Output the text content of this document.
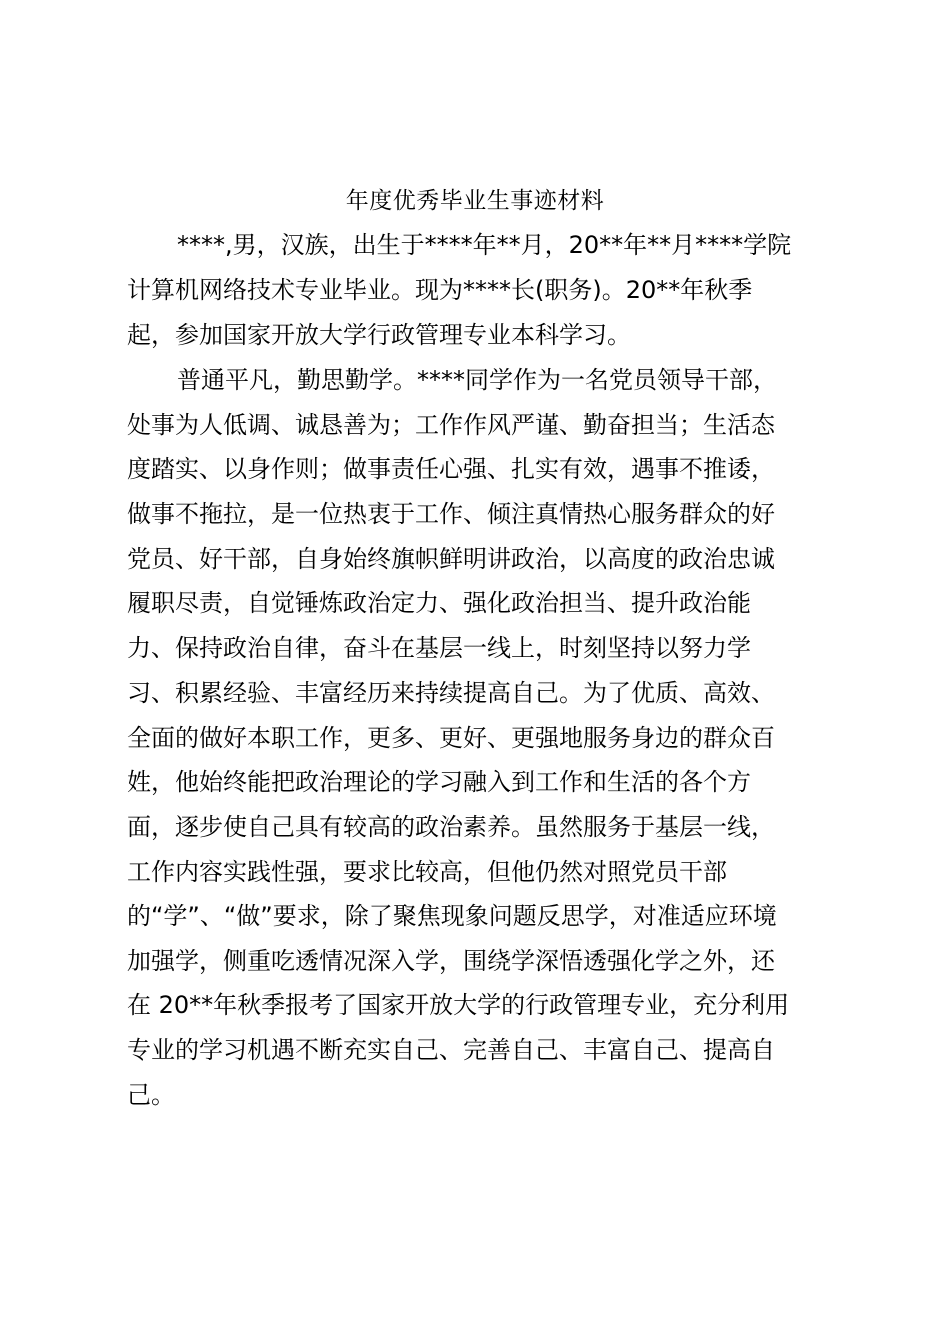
年度优秀毕业生事迹材料
****,男，汉族，出生于****年**月，20**年**月****学院
计算机网络技术专业毕业。现为****长(职务)。20**年秋季
起，参加国家开放大学行政管理专业本科学习。
普通平凡，勤思勤学。****同学作为一名党员领导干部，
处事为人低调、诚恳善为；工作作风严谨、勤奋担当；生活态
度踏实、以身作则；做事责任心强、扎实有效，遇事不推诿，
做事不拖拉，是一位热衷于工作、倾注真情热心服务群众的好
党员、好干部，自身始终旗帜鲜明讲政治，以高度的政治忠诚
履职尽责，自觉锤炼政治定力、强化政治担当、提升政治能
力、保持政治自律，奋斗在基层一线上，时刻坚持以努力学
习、积累经验、丰富经历来持续提高自己。为了优质、高效、
全面的做好本职工作，更多、更好、更强地服务身边的群众百
姓，他始终能把政治理论的学习融入到工作和生活的各个方
面，逐步使自己具有较高的政治素养。虽然服务于基层一线，
工作内容实践性强，要求比较高，但他仍然对照党员干部
的“学”、“做”要求，除了聚焦现象问题反思学，对准适应环境
加强学，侧重吃透情况深入学，围绕学深悟透强化学之外，还
在 20**年秋季报考了国家开放大学的行政管理专业，充分利用
专业的学习机遇不断充实自己、完善自己、丰富自己、提高自
己。
